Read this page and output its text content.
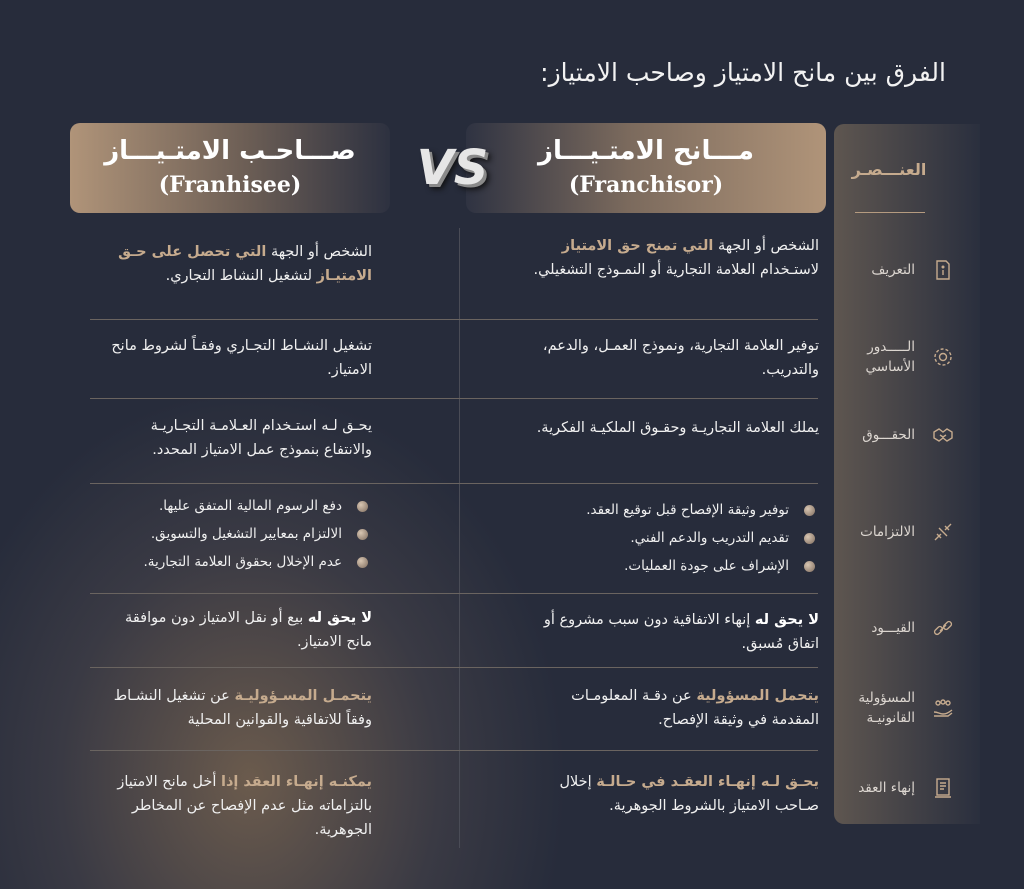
الفرق بين مانح الامتياز وصاحب الامتياز:
العنـــصـر
التعريف
الـــــدور الأساسي
الحقـــوق
الالتزامات
القيـــود
المسؤولية القانونيـة
إنهاء العقد
مـــانح الامتـيـــاز
(Franchisor)
صـــاحـب الامتـيـــاز
(Franhisee)	VS
الشخص أو الجهة التي تمنح حق الامتياز لاستـخدام العلامة التجارية أو النمـوذج التشغيلي.
الشخص أو الجهة التي تحصل على حـق الامتيـاز لتشغيل النشاط التجاري.
توفير العلامة التجارية، ونموذج العمـل، والدعم، والتدريب.
تشغيل النشـاط التجـاري وفقـاً لشروط مانح الامتياز.
يملك العلامة التجاريـة وحقـوق الملكيـة الفكرية.
يحـق لـه استـخدام العـلامـة التجـاريـة والانتفاع بنموذج عمل الامتياز المحدد.
توفير وثيقة الإفصاح قبل توقيع العقد.
تقديم التدريب والدعم الفني.
الإشراف على جودة العمليات.
دفع الرسوم المالية المتفق عليها.
الالتزام بمعايير التشغيل والتسويق.
عدم الإخلال بحقوق العلامة التجارية.
لا يحق له إنهاء الاتفاقية دون سبب مشروع أو اتفاق مُسبق.
لا يحق له بيع أو نقل الامتياز دون موافقة مانح الامتياز.
يتحمل المسؤولية عن دقـة المعلومـات المقدمة في وثيقة الإفصاح.
يتحمـل المسـؤوليـة عن تشغيل النشـاط وفقاً للاتفاقية والقوانين المحلية
يحـق لـه إنهـاء العقـد في حـالـة إخلال صـاحب الامتياز بالشروط الجوهرية.
يمكنـه إنهـاء العقد إذا أخل مانح الامتياز بالتزاماته مثل عدم الإفصاح عن المخاطر الجوهرية.
